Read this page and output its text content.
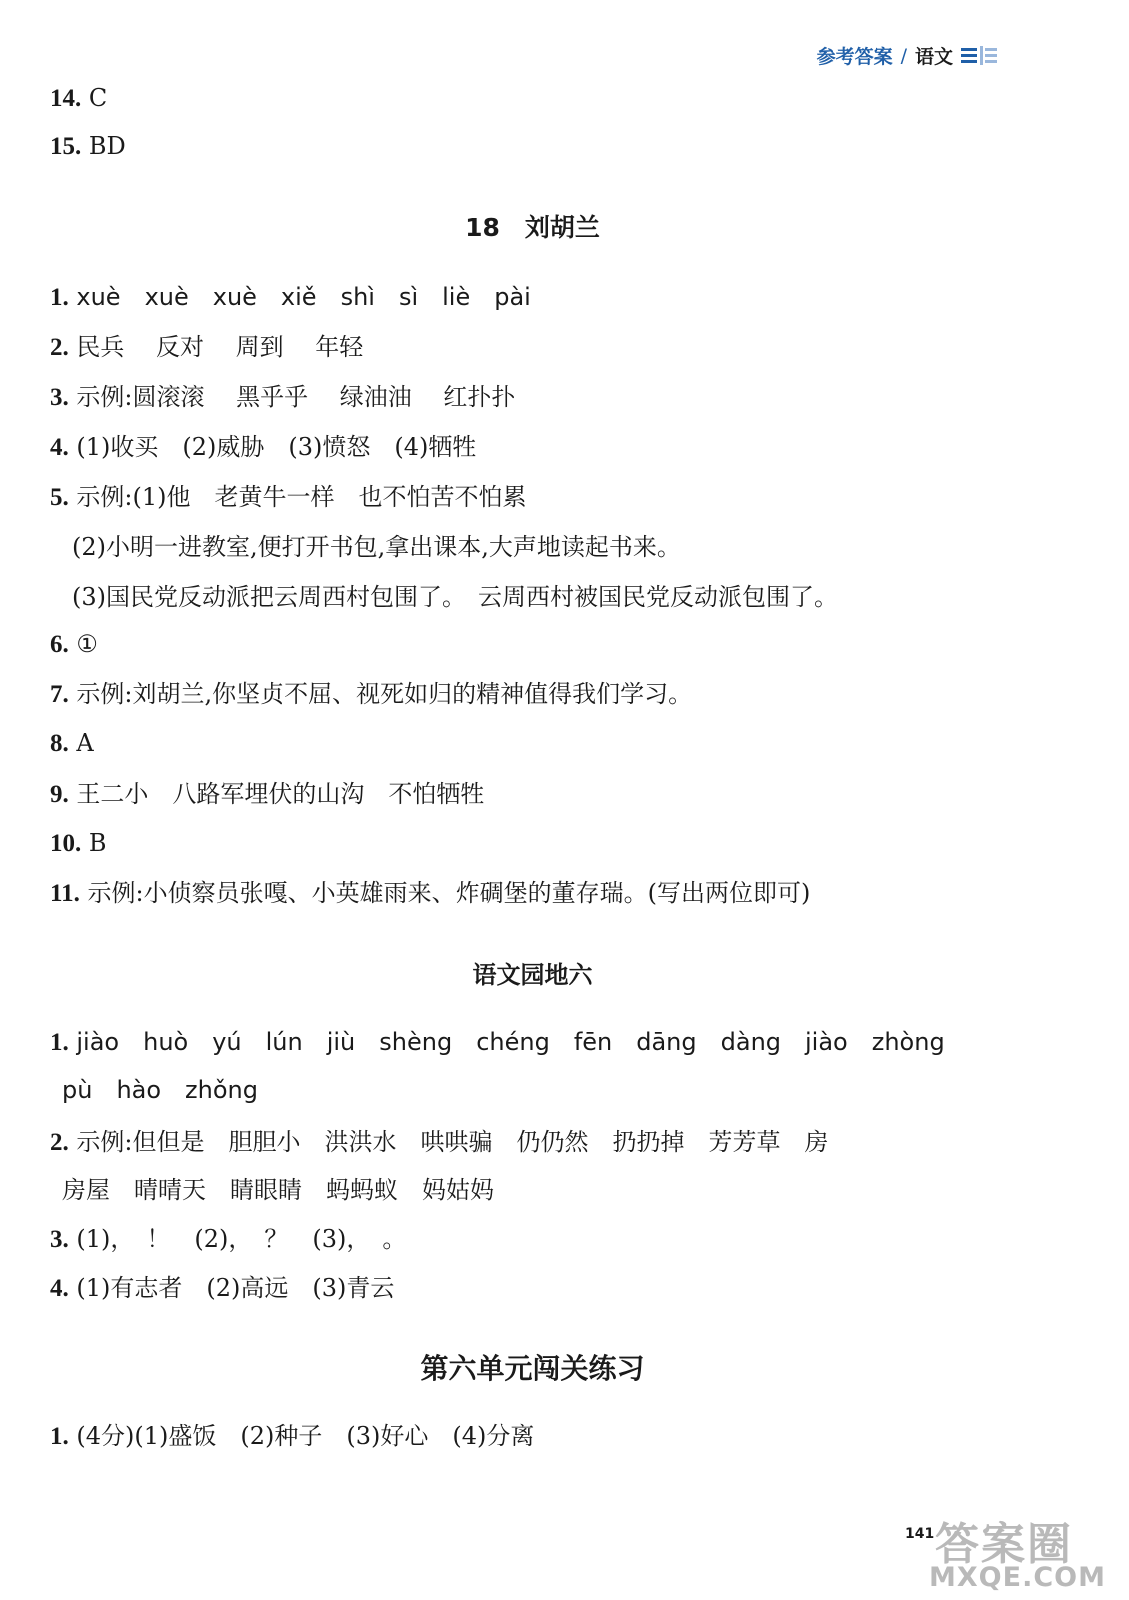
参考答案 / 语文
14. C
15. BD
18　刘胡兰
1. xuè　xuè　xuè　xiě　shì　sì　liè　pài
2. 民兵　 反对　 周到　 年轻
3. 示例:圆滚滚　 黑乎乎　 绿油油　 红扑扑
4. (1)收买　(2)威胁　(3)愤怒　(4)牺牲
5. 示例:(1)他　老黄牛一样　也不怕苦不怕累
(2)小明一进教室,便打开书包,拿出课本,大声地读起书来。
(3)国民党反动派把云周西村包围了。　云周西村被国民党反动派包围了。
6. ①
7. 示例:刘胡兰,你坚贞不屈、视死如归的精神值得我们学习。
8. A
9. 王二小　八路军埋伏的山沟　不怕牺牲
10. B
11. 示例:小侦察员张嘎、小英雄雨来、炸碉堡的董存瑞。(写出两位即可)
语文园地六
1. jiào　huò　yú　lún　jiù　shèng　chéng　fēn　dāng　dàng　jiào　zhòng
pù　hào　zhǒng
2. 示例:但但是　胆胆小　洪洪水　哄哄骗　仍仍然　扔扔掉　芳芳草　房
房屋　晴晴天　睛眼睛　蚂蚂蚁　妈姑妈
3. (1)，　！　(2)，　？　(3)，　。
4. (1)有志者　(2)高远　(3)青云
第六单元闯关练习
1. (4分)(1)盛饭　(2)种子　(3)好心　(4)分离
141 答案圈
MXQE.COM
